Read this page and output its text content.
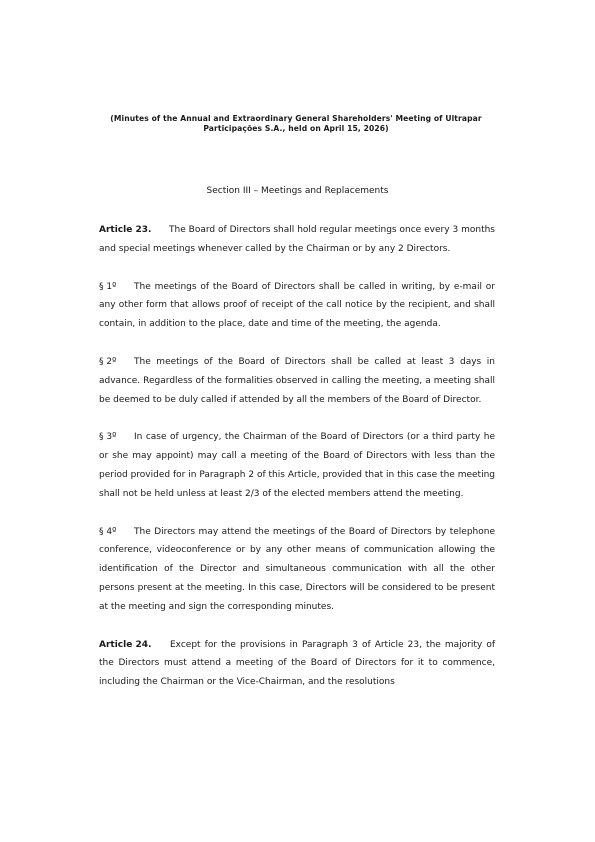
(Minutes of the Annual and Extraordinary General Shareholders' Meeting of Ultrapar
Participações S.A., held on April 15, 2026)
Section III – Meetings and Replacements

Article 23. The Board of Directors shall hold regular meetings once every 3 months and special meetings whenever called by the Chairman or by any 2 Directors.

§ 1º The meetings of the Board of Directors shall be called in writing, by e-mail or any other form that allows proof of receipt of the call notice by the recipient, and shall contain, in addition to the place, date and time of the meeting, the agenda.

§ 2º The meetings of the Board of Directors shall be called at least 3 days in advance. Regardless of the formalities observed in calling the meeting, a meeting shall be deemed to be duly called if attended by all the members of the Board of Director.

§ 3º In case of urgency, the Chairman of the Board of Directors (or a third party he or she may appoint) may call a meeting of the Board of Directors with less than the period provided for in Paragraph 2 of this Article, provided that in this case the meeting shall not be held unless at least 2/3 of the elected members attend the meeting.

§ 4º The Directors may attend the meetings of the Board of Directors by telephone conference, videoconference or by any other means of communication allowing the identification of the Director and simultaneous communication with all the other persons present at the meeting. In this case, Directors will be considered to be present at the meeting and sign the corresponding minutes.

Article 24. Except for the provisions in Paragraph 3 of Article 23, the majority of the Directors must attend a meeting of the Board of Directors for it to commence, including the Chairman or the Vice-Chairman, and the resolutions
